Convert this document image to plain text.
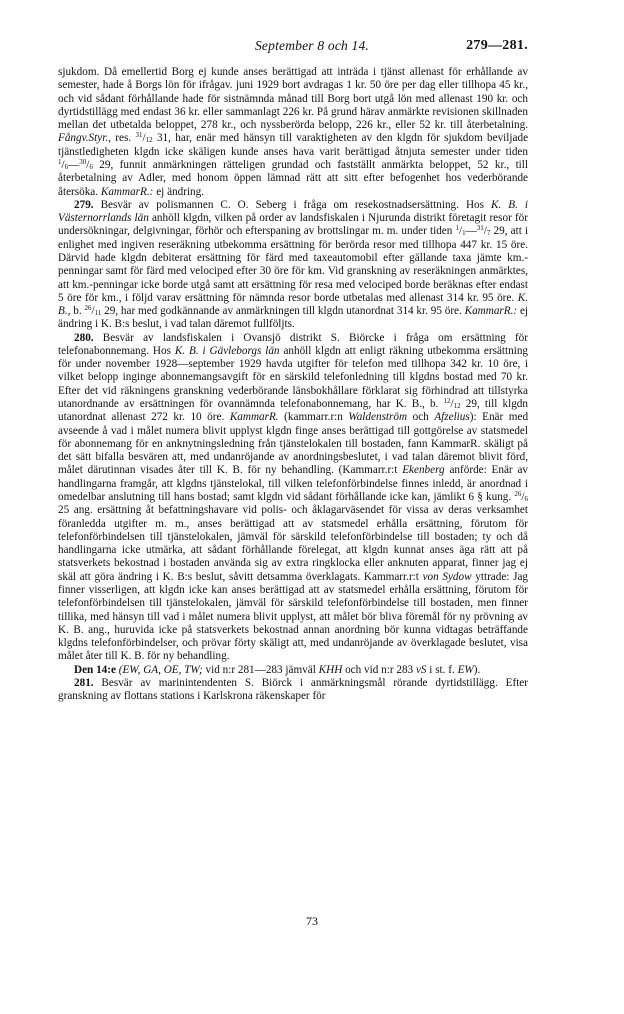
September 8 och 14.	279—281.

sjukdom. Då emellertid Borg ej kunde anses berättigad att inträda i tjänst allenast för erhållande av semester, hade å Borgs lön för ifrågav. juni 1929 bort avdragas 1 kr. 50 öre per dag eller tillhopa 45 kr., och vid sådant förhållande hade för sistnämnda månad till Borg bort utgå lön med allenast 190 kr. och dyrtidstillägg med endast 36 kr. eller sammanlagt 226 kr. På grund härav anmärkte revisionen skillnaden mellan det utbetalda beloppet, 278 kr., och nyssberörda belopp, 226 kr., eller 52 kr. till återbetalning. Fångv.Styr., res. $^{31}/_{12}$ 31, har, enär med hänsyn till varaktigheten av den klgdn för sjukdom beviljade tjänstledigheten klgdn icke skäligen kunde anses hava varit berättigad åtnjuta semester under tiden $^1/_6—^{30}/_6$ 29, funnit anmärkningen rätteligen grundad och fastställt anmärkta beloppet, 52 kr., till återbetalning av Adler, med honom öppen lämnad rätt att sitt efter befogenhet hos vederbörande återsöka. KammarR.: ej ändring.

279. Besvär av polismannen C. O. Seberg i fråga om resekostnadsersättning. Hos K. B. i Västernorrlands län anhöll klgdn, vilken på order av landsfiskalen i Njurunda distrikt företagit resor för undersökningar, delgivningar, förhör och efterspaning av brottslingar m. m. under tiden $^1/_1—^{31}/_7$ 29, att i enlighet med ingiven reseräkning utbekomma ersättning för berörda resor med tillhopa 447 kr. 15 öre. Därvid hade klgdn debiterat ersättning för färd med taxeautomobil efter gällande taxa jämte km.-penningar samt för färd med velociped efter 30 öre för km. Vid granskning av reseräkningen anmärktes, att km.-penningar icke borde utgå samt att ersättning för resa med velociped borde beräknas efter endast 5 öre för km., i följd varav ersättning för nämnda resor borde utbetalas med allenast 314 kr. 95 öre. K. B., b. $^{26}/_{11}$ 29, har med godkännande av anmärkningen till klgdn utanordnat 314 kr. 95 öre. KammarR.: ej ändring i K. B:s beslut, i vad talan däremot fullföljts.

280. Besvär av landsfiskalen i Ovansjö distrikt S. Biörcke i fråga om ersättning för telefonabonnemang. Hos K. B. i Gävleborgs län anhöll klgdn att enligt räkning utbekomma ersättning för under november 1928—september 1929 havda utgifter för telefon med tillhopa 342 kr. 10 öre, i vilket belopp inginge abonnemangsavgift för en särskild telefonledning till klgdns bostad med 70 kr. Efter det vid räkningens granskning vederbörande länsbokhållare förklarat sig förhindrad att tillstyrka utanordnande av ersättningen för ovannämnda telefonabonnemang, har K. B., b. $^{12}/_{12}$ 29, till klgdn utanordnat allenast 272 kr. 10 öre. KammarR. (kammarr.r:n Waldenström och Afzelius): Enär med avseende å vad i målet numera blivit upplyst klgdn finge anses berättigad till gottgörelse av statsmedel för abonnemang för en anknytningsledning från tjänstelokalen till bostaden, fann KammarR. skäligt på det sätt bifalla besvären att, med undanröjande av anordningsbeslutet, i vad talan däremot blivit förd, målet därutinnan visades åter till K. B. för ny behandling. (Kammarr.r:t Ekenberg anförde: Enär av handlingarna framgår, att klgdns tjänstelokal, till vilken telefonförbindelse finnes inledd, är anordnad i omedelbar anslutning till hans bostad; samt klgdn vid sådant förhållande icke kan, jämlikt 6 § kung. $^{26}/_6$ 25 ang. ersättning åt befattningshavare vid polis- och åklagarväsendet för vissa av deras verksamhet föranledda utgifter m. m., anses berättigad att av statsmedel erhålla ersättning, förutom för telefonförbindelsen till tjänstelokalen, jämväl för särskild telefonförbindelse till bostaden; ty och då handlingarna icke utmärka, att sådant förhållande förelegat, att klgdn kunnat anses äga rätt att på statsverkets bekostnad i bostaden använda sig av extra ringklocka eller anknuten apparat, finner jag ej skäl att göra ändring i K. B:s beslut, såvitt detsamma överklagats. Kammarr.r:t von Sydow yttrade: Jag finner visserligen, att klgdn icke kan anses berättigad att av statsmedel erhålla ersättning, förutom för telefonförbindelsen till tjänstelokalen, jämväl för särskild telefonförbindelse till bostaden, men finner tillika, med hänsyn till vad i målet numera blivit upplyst, att målet bör bliva föremål för ny prövning av K. B. ang., huruvida icke på statsverkets bekostnad annan anordning bör kunna vidtagas beträffande klgdns telefonförbindelser, och prövar förty skäligt att, med undanröjande av överklagade beslutet, visa målet åter till K. B. för ny behandling.

Den 14:e (EW, GA, OE, TW; vid n:r 281—283 jämväl KHH och vid n:r 283 vS i st. f. EW).

281. Besvär av marinintendenten S. Biörck i anmärkningsmål rörande dyrtidstillägg. Efter granskning av flottans stations i Karlskrona räkenskaper för

73
